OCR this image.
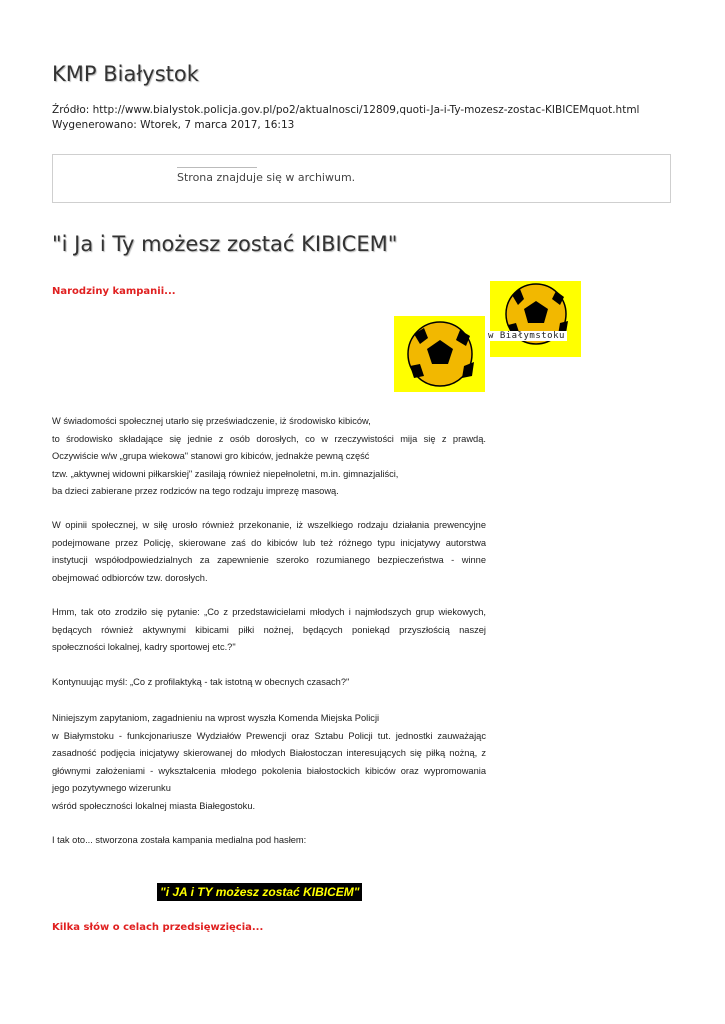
KMP Białystok
Źródło: http://www.bialystok.policja.gov.pl/po2/aktualnosci/12809,quoti-Ja-i-Ty-mozesz-zostac-KIBICEMquot.html
Wygenerowano: Wtorek, 7 marca 2017, 16:13
Strona znajduje się w archiwum.
"i Ja i Ty możesz zostać KIBICEM"
Narodziny kampanii...
w Białymstoku
W świadomości społecznej utarło się przeświadczenie, iż środowisko kibiców,
to środowisko składające się jednie z osób dorosłych, co w rzeczywistości mija się z prawdą.
Oczywiście w/w „grupa wiekowa" stanowi gro kibiców, jednakże pewną część
tzw. „aktywnej widowni piłkarskiej" zasilają również niepełnoletni, m.in. gimnazjaliści,
ba dzieci zabierane przez rodziców na tego rodzaju imprezę masową.
W opinii społecznej, w siłę urosło również przekonanie, iż wszelkiego rodzaju działania prewencyjne
podejmowane przez Policję, skierowane zaś do kibiców lub też różnego typu inicjatywy autorstwa
instytucji współodpowiedzialnych za zapewnienie szeroko rozumianego bezpieczeństwa - winne
obejmować odbiorców tzw. dorosłych.
Hmm, tak oto zrodziło się pytanie: „Co z przedstawicielami młodych i najmłodszych grup wiekowych,
będących również aktywnymi kibicami piłki nożnej, będących poniekąd przyszłością naszej
społeczności lokalnej, kadry sportowej etc.?"
Kontynuując myśl: „Co z profilaktyką - tak istotną w obecnych czasach?"
Niniejszym zapytaniom, zagadnieniu na wprost wyszła Komenda Miejska Policji
w Białymstoku - funkcjonariusze Wydziałów Prewencji oraz Sztabu Policji tut. jednostki zauważając
zasadność podjęcia inicjatywy skierowanej do młodych Białostoczan interesujących się piłką nożną, z
głównymi założeniami - wykształcenia młodego pokolenia białostockich kibiców oraz wypromowania
jego pozytywnego wizerunku
wśród społeczności lokalnej miasta Białegostoku.
I tak oto... stworzona została kampania medialna pod hasłem:
"i JA i TY możesz zostać KIBICEM"
Kilka słów o celach przedsięwzięcia...
